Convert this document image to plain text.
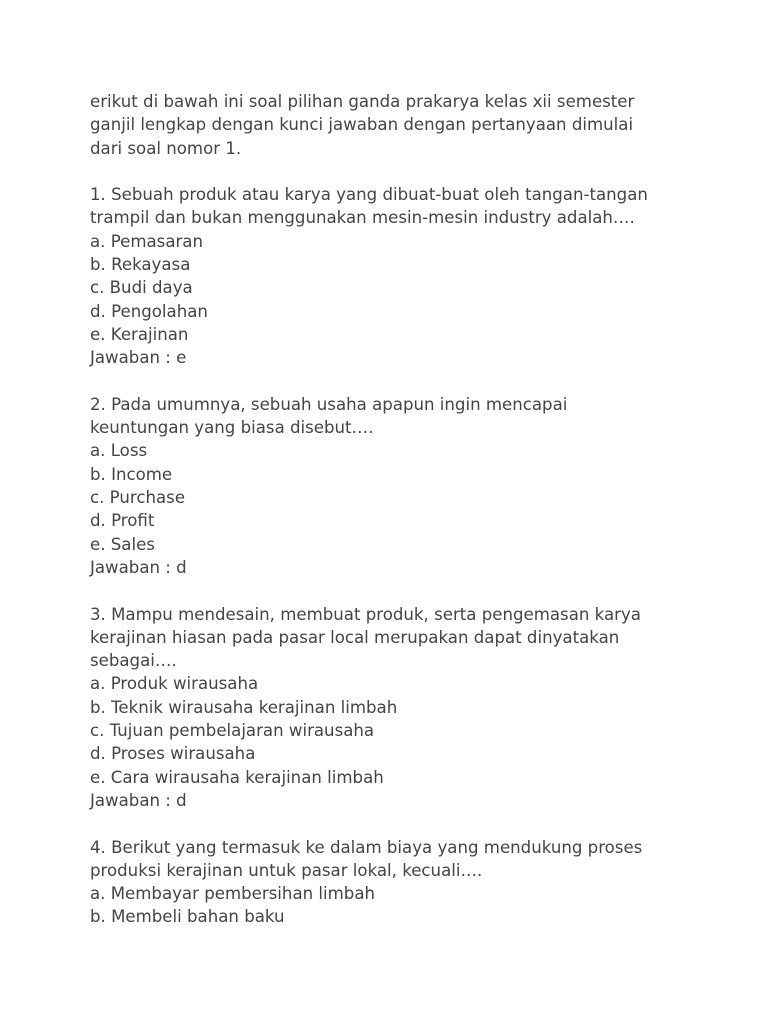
erikut di bawah ini soal pilihan ganda prakarya kelas xii semester
ganjil lengkap dengan kunci jawaban dengan pertanyaan dimulai
dari soal nomor 1.
1. Sebuah produk atau karya yang dibuat-buat oleh tangan-tangan
trampil dan bukan menggunakan mesin-mesin industry adalah….
a. Pemasaran
b. Rekayasa
c. Budi daya
d. Pengolahan
e. Kerajinan
Jawaban : e
2. Pada umumnya, sebuah usaha apapun ingin mencapai
keuntungan yang biasa disebut….
a. Loss
b. Income
c. Purchase
d. Profit
e. Sales
Jawaban : d
3. Mampu mendesain, membuat produk, serta pengemasan karya
kerajinan hiasan pada pasar local merupakan dapat dinyatakan
sebagai….
a. Produk wirausaha
b. Teknik wirausaha kerajinan limbah
c. Tujuan pembelajaran wirausaha
d. Proses wirausaha
e. Cara wirausaha kerajinan limbah
Jawaban : d
4. Berikut yang termasuk ke dalam biaya yang mendukung proses
produksi kerajinan untuk pasar lokal, kecuali….
a. Membayar pembersihan limbah
b. Membeli bahan baku
